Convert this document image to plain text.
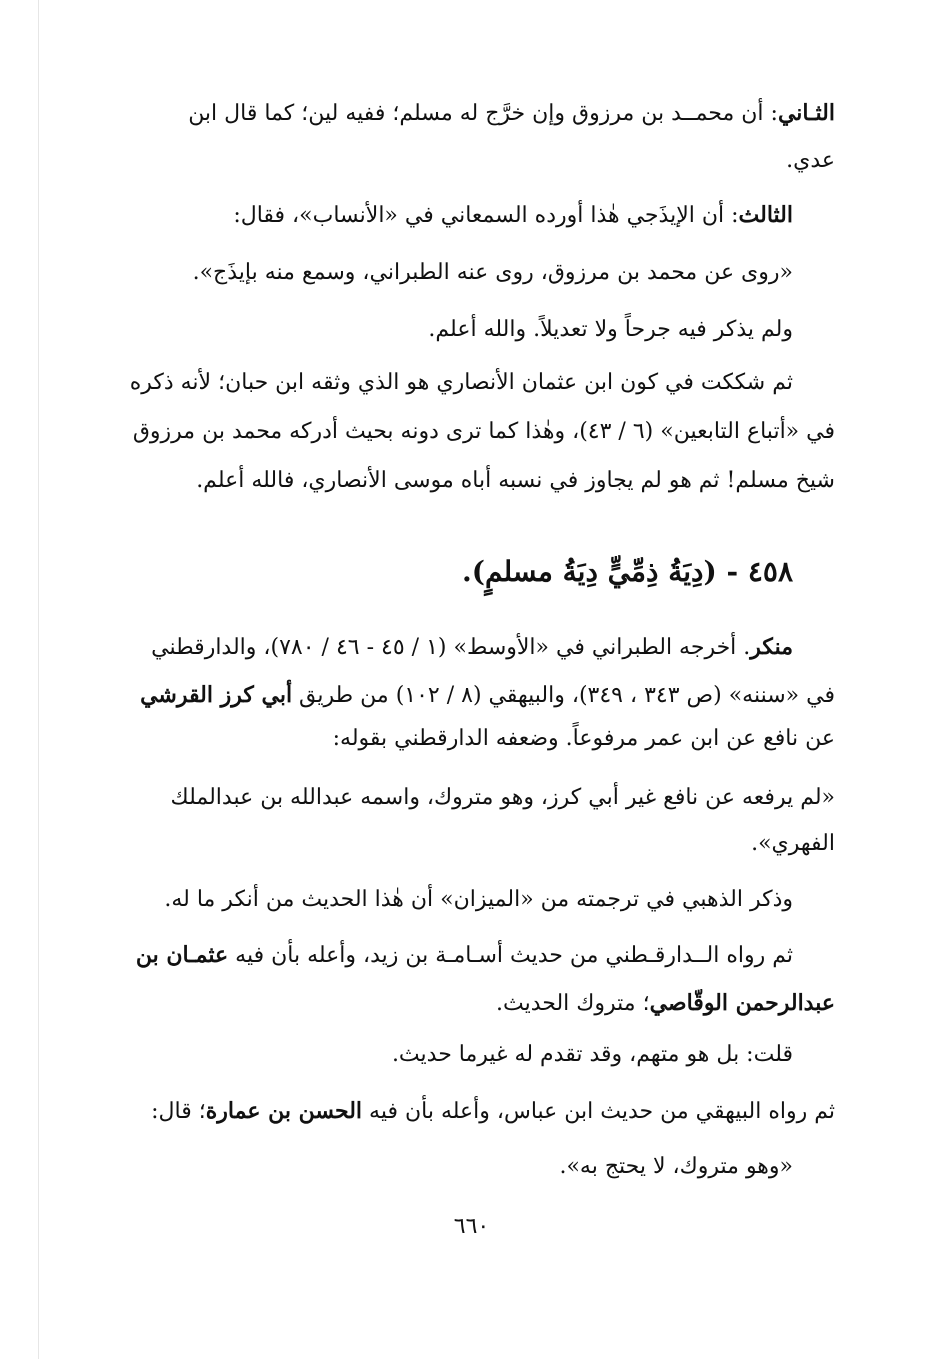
الثـاني: أن محمــد بن مرزوق وإن خرَّج له مسلم؛ ففيه لين؛ كما قال ابن
عدي.
الثالث: أن الإيذَجي هٰذا أورده السمعاني في «الأنساب»، فقال:
«روى عن محمد بن مرزوق، روى عنه الطبراني، وسمع منه بإيذَج».
ولم يذكر فيه جرحاً ولا تعديلاً. والله أعلم.
ثم شككت في كون ابن عثمان الأنصاري هو الذي وثقه ابن حبان؛ لأنه ذكره
في «أتباع التابعين» (٦ / ٤٣)، وهٰذا كما ترى دونه بحيث أدركه محمد بن مرزوق
شيخ مسلم! ثم هو لم يجاوز في نسبه أباه موسى الأنصاري، فالله أعلم.
٤٥٨ - (دِيَةُ ذِمِّيٍّ دِيَةُ مسلمٍ).
منكر. أخرجه الطبراني في «الأوسط» (١ / ٤٥ - ٤٦ / ٧٨٠)، والدارقطني
في «سننه» (ص ٣٤٣ ، ٣٤٩)، والبيهقي (٨ / ١٠٢) من طريق أبي كرز القرشي
عن نافع عن ابن عمر مرفوعاً. وضعفه الدارقطني بقوله:
«لم يرفعه عن نافع غير أبي كرز، وهو متروك، واسمه عبدالله بن عبدالملك
الفهري».
وذكر الذهبي في ترجمته من «الميزان» أن هٰذا الحديث من أنكر ما له.
ثم رواه الــدارقـطني من حديث أسـامـة بن زيد، وأعله بأن فيه عثمـان بن
عبدالرحمن الوقّاصي؛ متروك الحديث.
قلت: بل هو متهم، وقد تقدم له غيرما حديث.
ثم رواه البيهقي من حديث ابن عباس، وأعله بأن فيه الحسن بن عمارة؛ قال:
«وهو متروك، لا يحتج به».
٦٦٠
